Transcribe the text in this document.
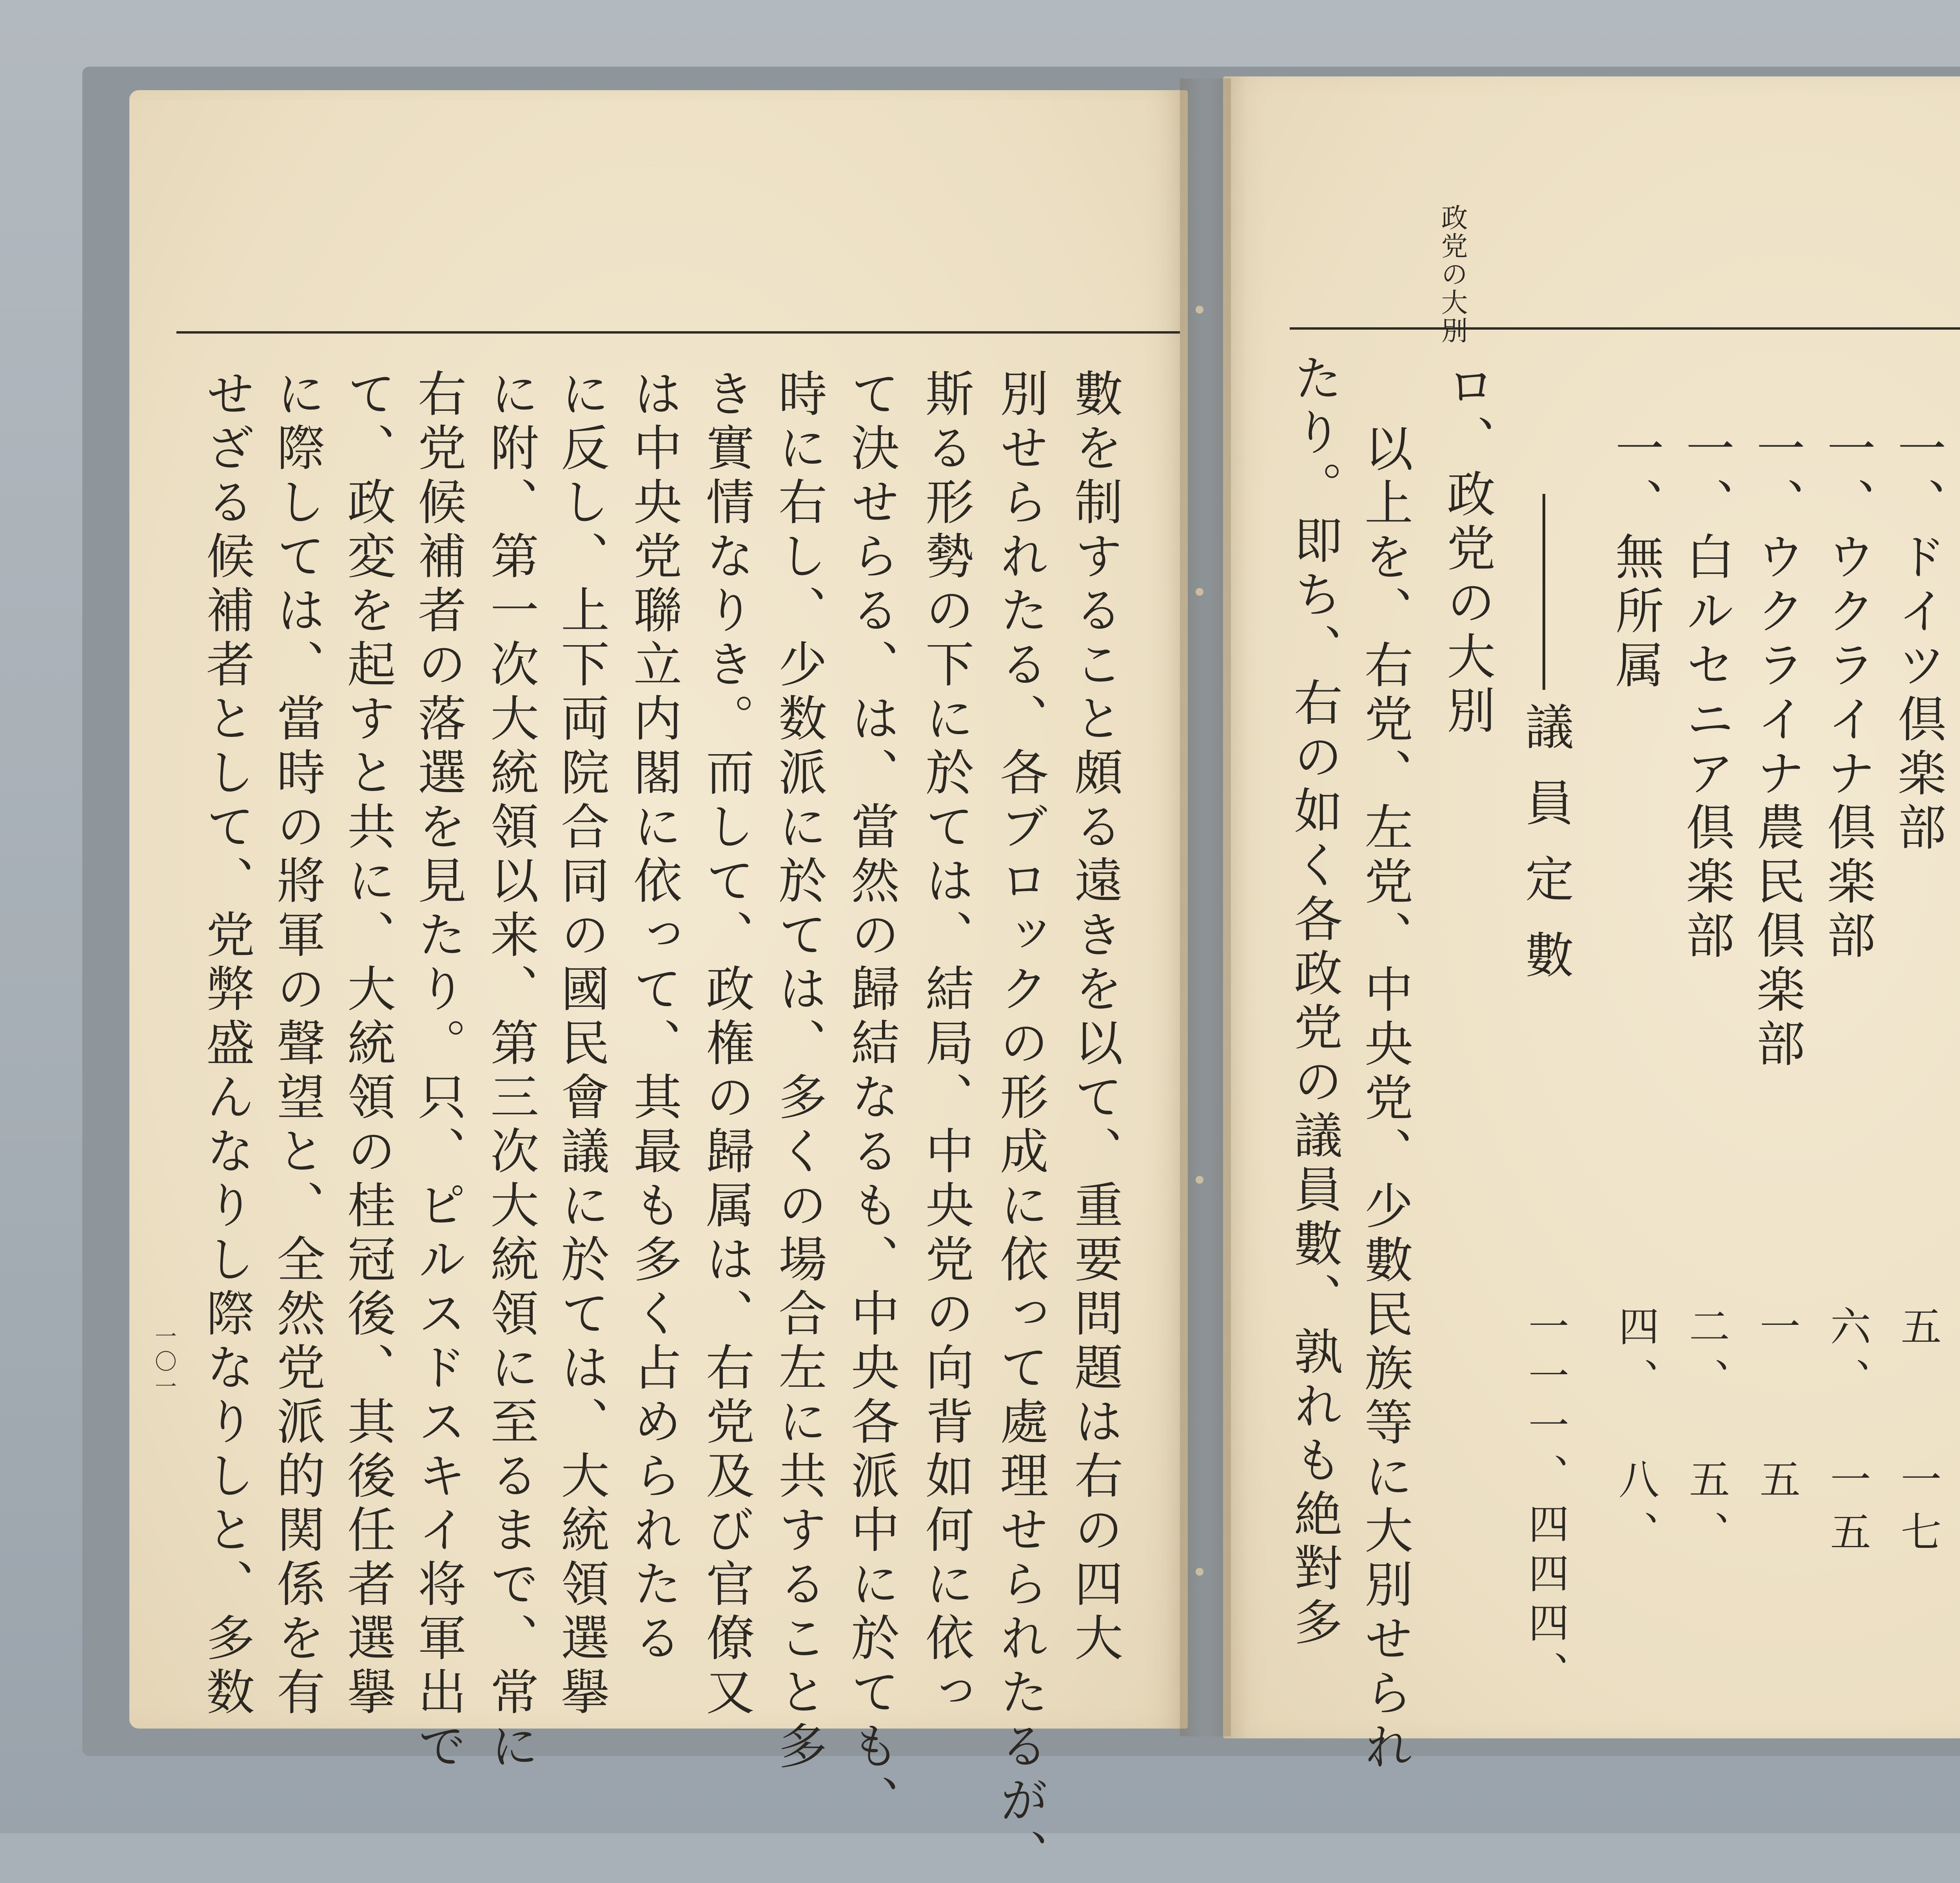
數を制すること頗る遠きを以て、重要問題は右の四大
別せられたる、各ブロックの形成に依って處理せられたるが、
斯る形勢の下に於ては、結局、中央党の向背如何に依っ
て決せらる、は、當然の歸結なるも、中央各派中に於ても、
時に右し、少数派に於ては、多くの場合左に共すること多
き實情なりき。而して、政権の歸属は、右党及び官僚又
は中央党聯立内閣に依って、其最も多く占められたる
に反し、上下両院合同の國民會議に於ては、大統領選擧
に附、第一次大統領以来、第三次大統領に至るまで、常に
右党候補者の落選を見たり。只、ピルスドスキイ将軍出で
て、政変を起すと共に、大統領の桂冠後、其後任者選擧
に際しては、當時の將軍の聲望と、全然党派的関係を有
せざる候補者として、党弊盛んなりし際なりしと、多数
一〇一
政党の大別
一、ドイツ倶楽部
一、ウクライナ倶楽部
一、ウクライナ農民倶楽部
一、白ルセニア倶楽部
一、無所属
五
六、
一
二、
四、
一七
一五
五
五、
八、
議員定數
一一一、四四四、
ロ、政党の大別
以上を、右党、左党、中央党、少數民族等に大別せられ
たり。即ち、右の如く各政党の議員數、孰れも絶對多
